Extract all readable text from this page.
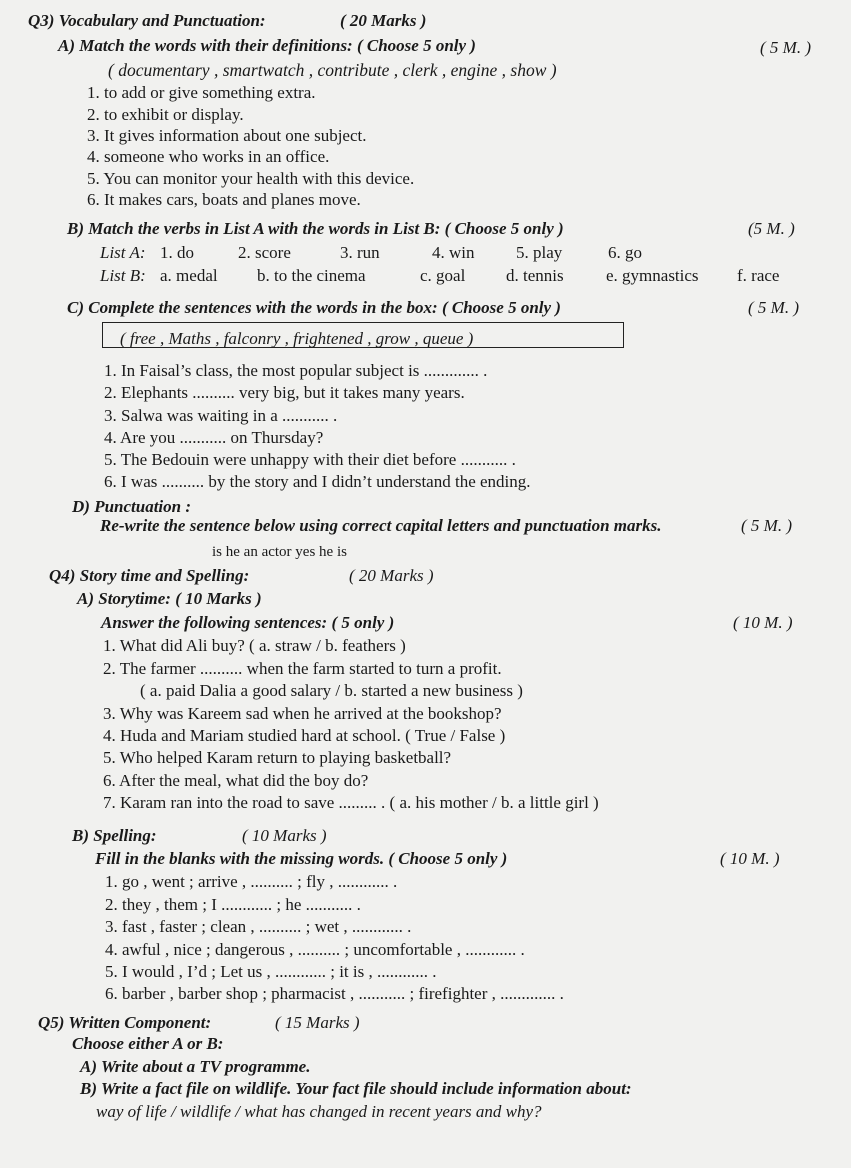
Q3) Vocabulary and Punctuation:	( 20 Marks )
A) Match the words with their definitions: ( Choose 5 only )	( 5 M. )
( documentary , smartwatch , contribute , clerk , engine , show )
1. to add or give something extra.
2. to exhibit or display.
3. It gives information about one subject.
4. someone who works in an office.
5. You can monitor your health with this device.
6. It makes cars, boats and planes move.
B) Match the verbs in List A with the words in List B: ( Choose 5 only )	(5 M. )
List A: 1. do	2. score	3. run	4. win 5. play	6. go
List B: a. medal b. to the cinema	c. goal d. tennis e. gymnastics f. race
C) Complete the sentences with the words in the box: ( Choose 5 only )	( 5 M. )
( free , Maths , falconry , frightened , grow , queue )
1. In Faisal’s class, the most popular subject is ............. .
2. Elephants .......... very big, but it takes many years.
3. Salwa was waiting in a ........... .
4. Are you ........... on Thursday?
5. The Bedouin were unhappy with their diet before ........... .
6. I was .......... by the story and I didn’t understand the ending.
D) Punctuation :
Re-write the sentence below using correct capital letters and punctuation marks.	( 5 M. )
is he an actor yes he is
Q4) Story time and Spelling:	( 20 Marks )
A) Storytime: ( 10 Marks )
Answer the following sentences: ( 5 only )	( 10 M. )
1. What did Ali buy? ( a. straw / b. feathers )
2. The farmer .......... when the farm started to turn a profit.
( a. paid Dalia a good salary / b. started a new business )
3. Why was Kareem sad when he arrived at the bookshop?
4. Huda and Mariam studied hard at school. ( True / False )
5. Who helped Karam return to playing basketball?
6. After the meal, what did the boy do?
7. Karam ran into the road to save ......... . ( a. his mother / b. a little girl )
B) Spelling:	( 10 Marks )
Fill in the blanks with the missing words. ( Choose 5 only )	( 10 M. )
1. go , went ; arrive , .......... ; fly , ............ .
2. they , them ; I ............ ; he ........... .
3. fast , faster ; clean , .......... ; wet , ............ .
4. awful , nice ; dangerous , .......... ; uncomfortable , ............ .
5. I would , I’d ; Let us , ............ ; it is , ............ .
6. barber , barber shop ; pharmacist , ........... ; firefighter , ............. .
Q5) Written Component:	( 15 Marks )
Choose either A or B:
A) Write about a TV programme.
B) Write a fact file on wildlife. Your fact file should include information about:
way of life / wildlife / what has changed in recent years and why?
